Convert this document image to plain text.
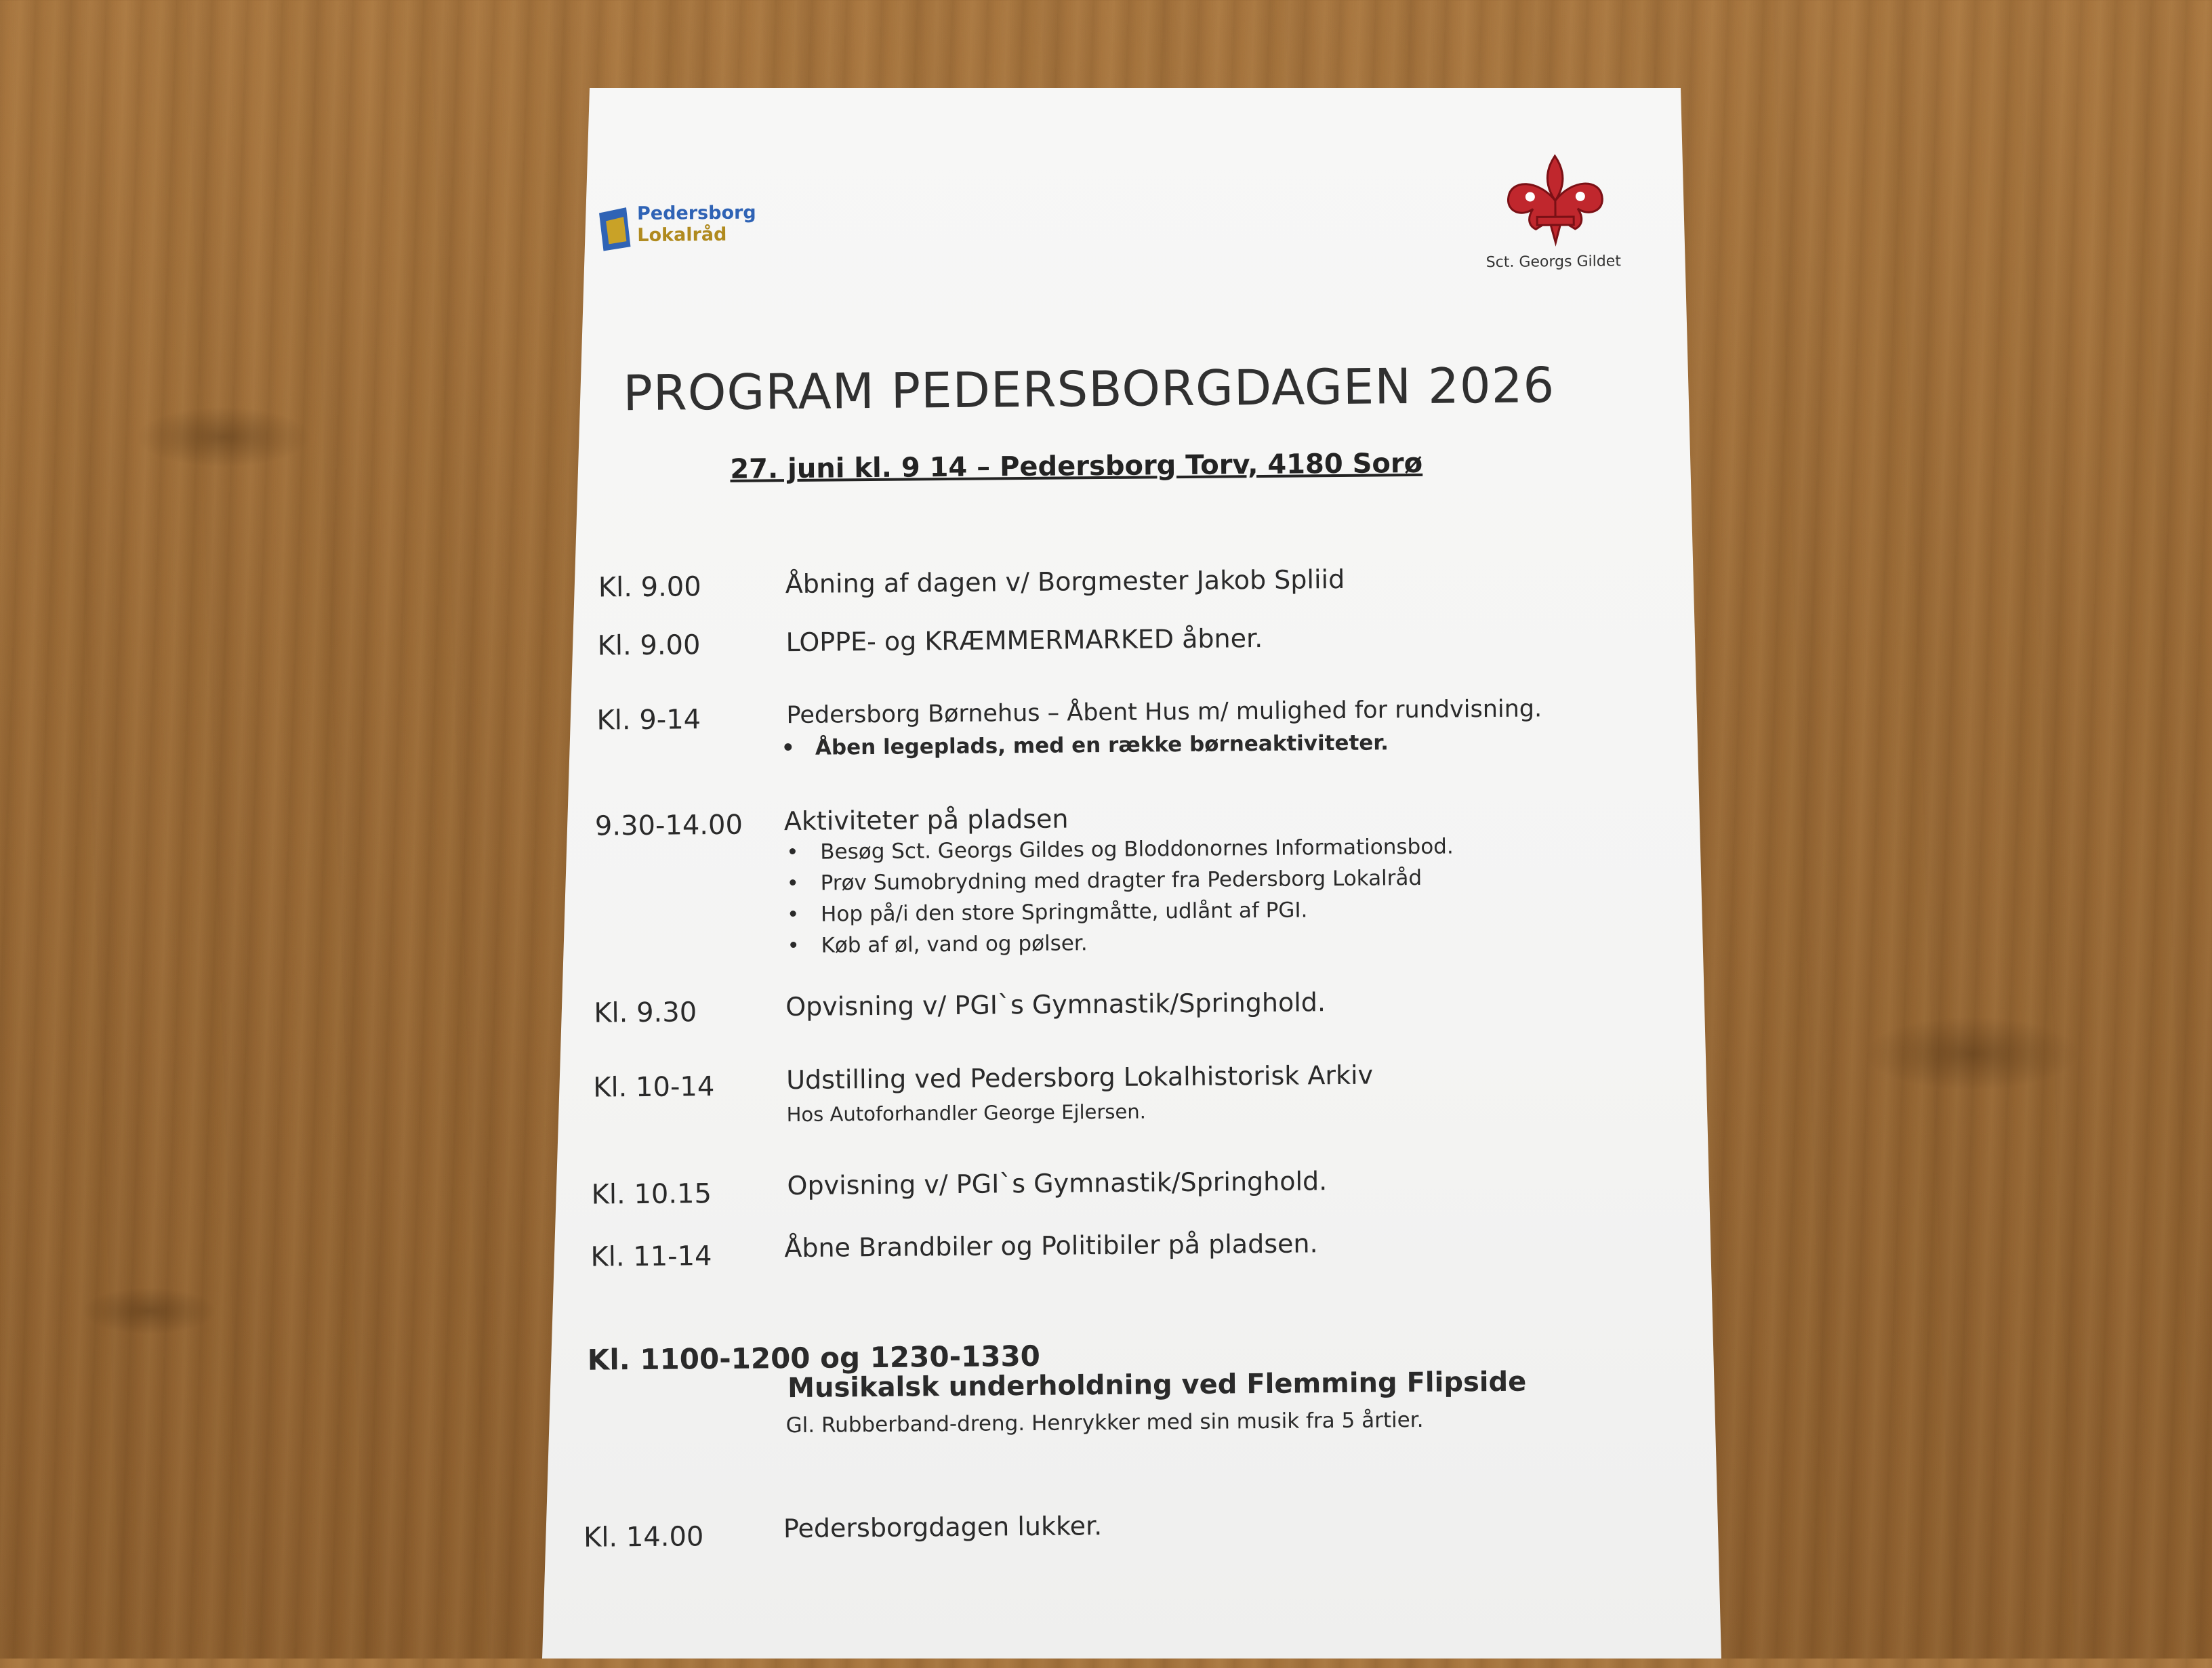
Pedersborg
Lokalråd
Sct. Georgs Gildet
PROGRAM PEDERSBORGDAGEN 2026
27. juni kl. 9 14 – Pedersborg Torv, 4180 Sorø
Kl. 9.00	Åbning af dagen v/ Borgmester Jakob Spliid
Kl. 9.00	LOPPE- og KRÆMMERMARKED åbner.
Kl. 9-14	Pedersborg Børnehus – Åbent Hus m/ mulighed for rundvisning.
• Åben legeplads, med en række børneaktiviteter.
9.30-14.00 Aktiviteter på pladsen
• Besøg Sct. Georgs Gildes og Bloddonornes Informationsbod.
• Prøv Sumobrydning med dragter fra Pedersborg Lokalråd
• Hop på/i den store Springmåtte, udlånt af PGI.
• Køb af øl, vand og pølser.
Kl. 9.30	Opvisning v/ PGI`s Gymnastik/Springhold.
Kl. 10-14	Udstilling ved Pedersborg Lokalhistorisk Arkiv
Hos Autoforhandler George Ejlersen.
Kl. 10.15	Opvisning v/ PGI`s Gymnastik/Springhold.
Kl. 11-14	Åbne Brandbiler og Politibiler på pladsen.
Kl. 1100-1200 og 1230-1330
Musikalsk underholdning ved Flemming Flipside
Gl. Rubberband-dreng. Henrykker med sin musik fra 5 årtier.
Kl. 14.00	Pedersborgdagen lukker.
